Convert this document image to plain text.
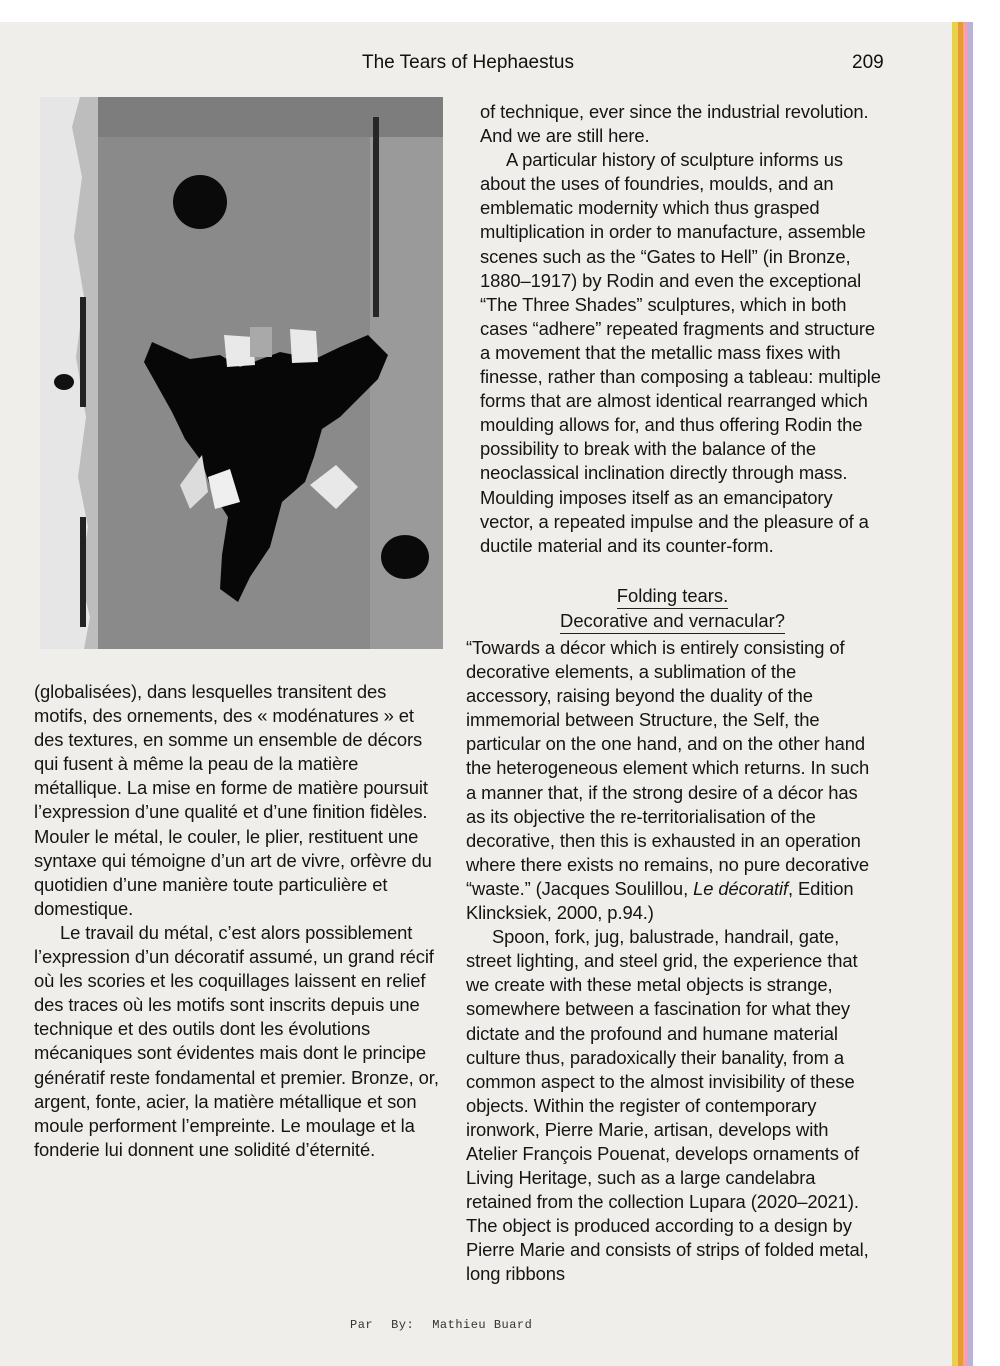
The Tears of Hephaestus	209

of technique, ever since the industrial revolution. And we are still here.

A particular history of sculpture informs us about the uses of foundries, moulds, and an emblematic modernity which thus grasped multiplication in order to manufacture, assemble scenes such as the “Gates to Hell” (in Bronze, 1880–1917) by Rodin and even the exceptional “The Three Shades” sculptures, which in both cases “adhere” repeated fragments and structure a movement that the metallic mass fixes with finesse, rather than composing a tableau: multiple forms that are almost identical rearranged which moulding allows for, and thus offering Rodin the possibility to break with the balance of the neoclassical inclination directly through mass. Moulding imposes itself as an emancipatory vector, a repeated impulse and the pleasure of a ductile material and its counter-form.

Folding tears.
Decorative and vernacular?

“Towards a décor which is entirely consisting of decorative elements, a sublimation of the accessory, raising beyond the duality of the immemorial between Structure, the Self, the particular on the one hand, and on the other hand the heterogeneous element which returns. In such a manner that, if the strong desire of a décor has as its objective the re-territorialisation of the decorative, then this is exhausted in an operation where there exists no remains, no pure decorative “waste.” (Jacques Soulillou, Le décoratif, Edition Klincksiek, 2000, p.94.)

Spoon, fork, jug, balustrade, handrail, gate, street lighting, and steel grid, the experience that we create with these metal objects is strange, somewhere between a fascination for what they dictate and the profound and humane material culture thus, paradoxically their banality, from a common aspect to the almost invisibility of these objects. Within the register of contemporary ironwork, Pierre Marie, artisan, develops with Atelier François Pouenat, develops ornaments of Living Heritage, such as a large candelabra retained from the collection Lupara (2020–2021). The object is produced according to a design by Pierre Marie and consists of strips of folded metal, long ribbons

(globalisées), dans lesquelles transitent des motifs, des ornements, des « modénatures » et des textures, en somme un ensemble de décors qui fusent à même la peau de la matière métallique. La mise en forme de matière poursuit l’expression d’une qualité et d’une finition fidèles. Mouler le métal, le couler, le plier, restituent une syntaxe qui témoigne d’un art de vivre, orfèvre du quotidien d’une manière toute particulière et domestique.

Le travail du métal, c’est alors possiblement l’expression d’un décoratif assumé, un grand récif où les scories et les coquillages laissent en relief des traces où les motifs sont inscrits depuis une technique et des outils dont les évolutions mécaniques sont évidentes mais dont le principe génératif reste fondamental et premier. Bronze, or, argent, fonte, acier, la matière métallique et son moule performent l’empreinte. Le moulage et la fonderie lui donnent une solidité d’éternité.

Par By: Mathieu Buard
